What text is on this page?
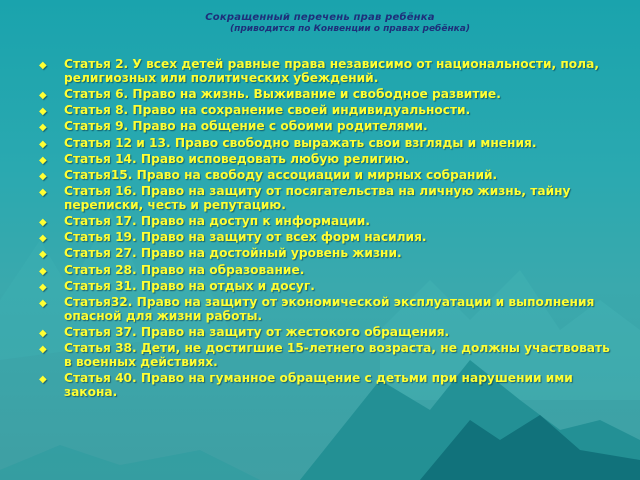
Сокращенный перечень прав ребёнка
(приводится по Конвенции о правах ребёнка)
◆ Статья 2. У всех детей равные права независимо от национальности, пола, религиозных или политических убеждений.
◆ Статья 6. Право на жизнь. Выживание и свободное развитие.
◆ Статья 8. Право на сохранение своей индивидуальности.
◆ Статья 9. Право на общение с обоими родителями.
◆ Статья 12 и 13. Право свободно выражать свои взгляды и мнения.
◆ Статья 14. Право исповедовать любую религию.
◆ Статья15. Право на свободу ассоциации и мирных собраний.
◆ Статья 16. Право на защиту от посягательства на личную жизнь, тайну переписки, честь и репутацию.
◆ Статья 17. Право на доступ к информации.
◆ Статья 19. Право на защиту от всех форм насилия.
◆ Статья 27. Право на достойный уровень жизни.
◆ Статья 28. Право на образование.
◆ Статья 31. Право на отдых и досуг.
◆ Статья32. Право на защиту от экономической эксплуатации и выполнения опасной для жизни работы.
◆ Статья 37. Право на защиту от жестокого обращения.
◆ Статья 38. Дети, не достигшие 15-летнего возраста, не должны участвовать в военных действиях.
◆ Статья 40. Право на гуманное обращение с детьми при нарушении ими закона.
